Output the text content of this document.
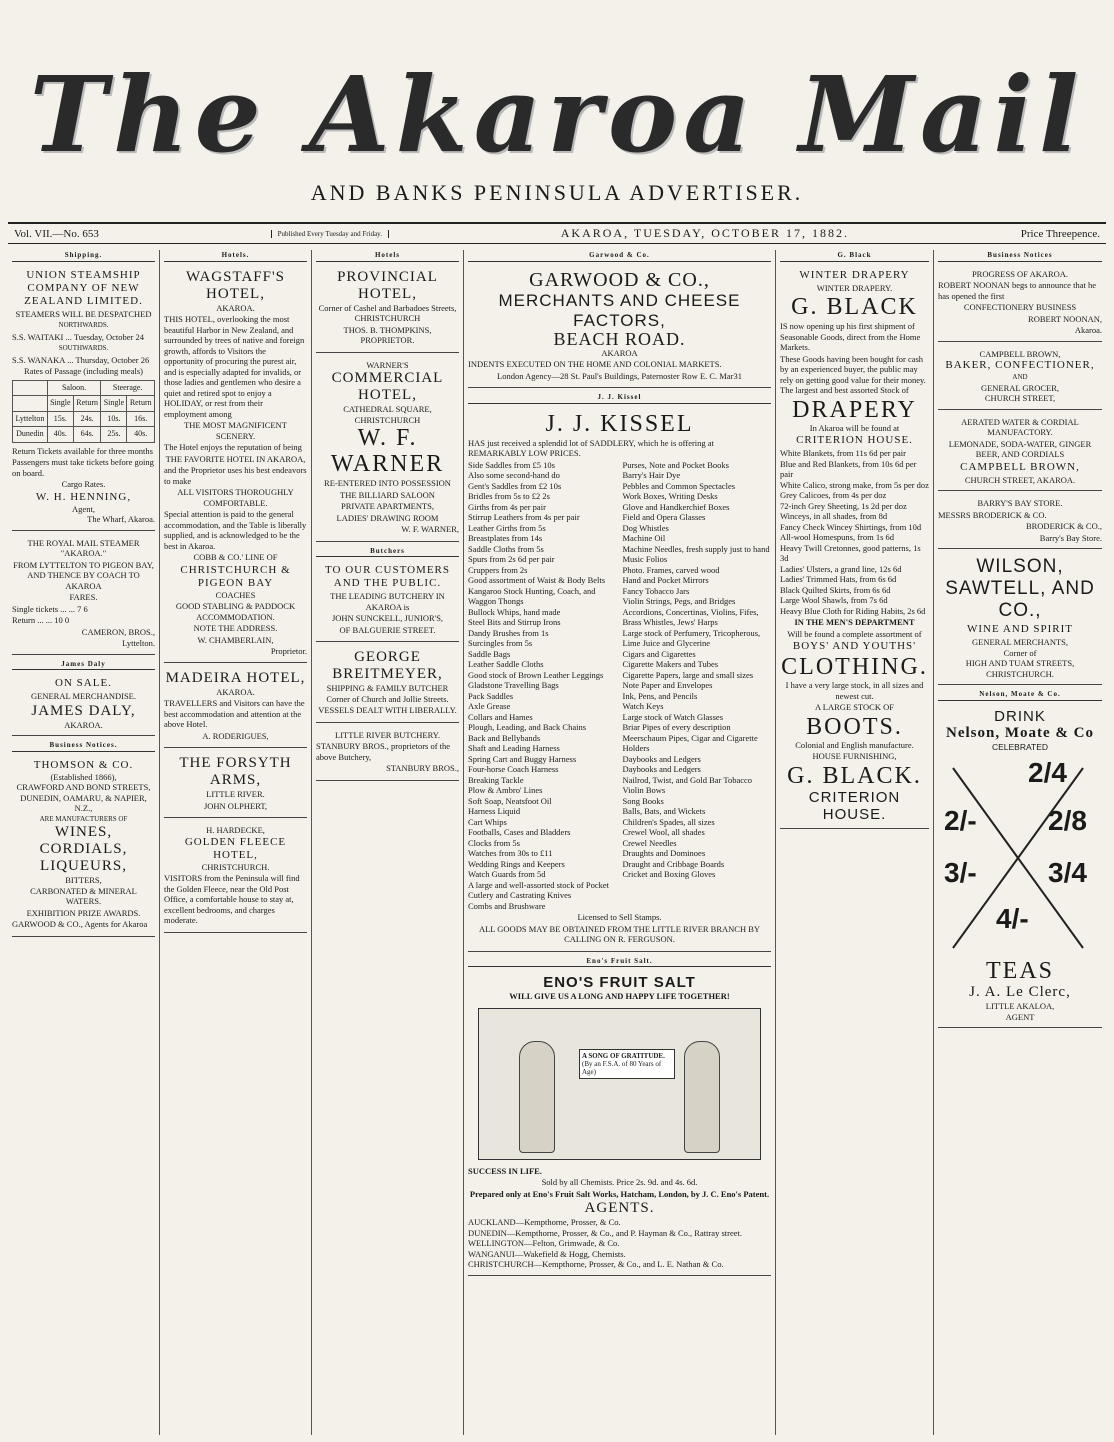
The Akaroa Mail
AND BANKS PENINSULA ADVERTISER.
Vol. VII.—No. 653	Published Every Tuesday and Friday.	AKAROA, TUESDAY, OCTOBER 17, 1882.	Price Threepence.
Shipping.
UNION STEAMSHIP COMPANY OF NEW ZEALAND LIMITED.
STEAMERS WILL BE DESPATCHED
NORTHWARDS.
S.S. WAITAKI ... Tuesday, October 24
SOUTHWARDS.
S.S. WANAKA ... Thursday, October 26
Rates of Passage (including meals)
	Saloon.		Steerage.	
	Single	Return	Single	Return
Lyttelton	15s.	24s.	10s.	16s.
Dunedin	40s.	64s.	25s.	40s.
Return Tickets available for three months
Passengers must take tickets before going on board.
Cargo Rates.
W. H. HENNING,
Agent,
The Wharf, Akaroa.
THE ROYAL MAIL STEAMER "AKAROA."
FROM LYTTELTON TO PIGEON BAY, AND THENCE BY COACH TO AKAROA
FARES.
Single tickets ... ... 7 6
Return ... ... 10 0
CAMERON, BROS.,
Lyttelton.
James Daly
ON SALE.
GENERAL MERCHANDISE.
JAMES DALY,
AKAROA.
Business Notices.
THOMSON & CO.
(Established 1866),
CRAWFORD AND BOND STREETS, DUNEDIN, OAMARU, & NAPIER, N.Z.,
ARE MANUFACTURERS OF
WINES, CORDIALS, LIQUEURS,
BITTERS,
CARBONATED & MINERAL WATERS.
EXHIBITION PRIZE AWARDS.
GARWOOD & CO., Agents for Akaroa
Hotels.
WAGSTAFF'S HOTEL,
AKAROA.
THIS HOTEL, overlooking the most beautiful Harbor in New Zealand, and surrounded by trees of native and foreign growth, affords to Visitors the opportunity of procuring the purest air, and is especially adapted for invalids, or those ladies and gentlemen who desire a quiet and retired spot to enjoy a HOLIDAY, or rest from their employment among
THE MOST MAGNIFICENT SCENERY.
The Hotel enjoys the reputation of being
THE FAVORITE HOTEL IN AKAROA,
and the Proprietor uses his best endeavors to make
ALL VISITORS THOROUGHLY COMFORTABLE.
Special attention is paid to the general accommodation, and the Table is liberally supplied, and is acknowledged to be the best in Akaroa.
COBB & CO.' LINE OF
CHRISTCHURCH & PIGEON BAY
COACHES
GOOD STABLING & PADDOCK ACCOMMODATION.
NOTE THE ADDRESS.
W. CHAMBERLAIN,
Proprietor.
MADEIRA HOTEL,
AKAROA.
TRAVELLERS and Visitors can have the best accommodation and attention at the above Hotel.
A. RODERIGUES,
THE FORSYTH ARMS,
LITTLE RIVER.
JOHN OLPHERT,
H. HARDECKE,
GOLDEN FLEECE HOTEL,
CHRISTCHURCH.
VISITORS from the Peninsula will find the Golden Fleece, near the Old Post Office, a comfortable house to stay at, excellent bedrooms, and charges moderate.
Hotels
PROVINCIAL HOTEL,
Corner of Cashel and Barbadoes Streets,
CHRISTCHURCH
THOS. B. THOMPKINS, PROPRIETOR.
WARNER'S
COMMERCIAL HOTEL,
CATHEDRAL SQUARE,
CHRISTCHURCH
W. F. WARNER
RE-ENTERED INTO POSSESSION
THE BILLIARD SALOON
PRIVATE APARTMENTS,
LADIES' DRAWING ROOM
W. F. WARNER,
Butchers
TO OUR CUSTOMERS AND THE PUBLIC.
THE LEADING BUTCHERY IN AKAROA is
JOHN SUNCKELL, JUNIOR'S,
OF BALGUERIE STREET.
GEORGE BREITMEYER,
SHIPPING & FAMILY BUTCHER
Corner of Church and Jollie Streets.
VESSELS DEALT WITH LIBERALLY.
LITTLE RIVER BUTCHERY.
STANBURY BROS., proprietors of the above Butchery,
STANBURY BROS.,
Garwood & Co.
GARWOOD & CO.,
MERCHANTS AND CHEESE FACTORS,
BEACH ROAD.
AKAROA
INDENTS EXECUTED ON THE HOME AND COLONIAL MARKETS.
London Agency—28 St. Paul's Buildings, Paternoster Row E. C. Mar31
J. J. Kissel
J. J. KISSEL
HAS just received a splendid lot of SADDLERY, which he is offering at REMARKABLY LOW PRICES.
Side Saddles from £5 10s
Also some second-hand do
Gent's Saddles from £2 10s
Bridles from 5s to £2 2s
Girths from 4s per pair
Stirrup Leathers from 4s per pair
Leather Girths from 5s
Breastplates from 14s
Saddle Cloths from 5s
Spurs from 2s 6d per pair
Cruppers from 2s
Good assortment of Waist & Body Belts
Kangaroo Stock Hunting, Coach, and Waggon Thongs
Bullock Whips, hand made
Steel Bits and Stirrup Irons
Dandy Brushes from 1s
Surcingles from 5s
Saddle Bags
Leather Saddle Cloths
Good stock of Brown Leather Leggings
Gladstone Travelling Bags
Pack Saddles
Axle Grease
Collars and Hames
Plough, Leading, and Back Chains
Back and Bellybands
Shaft and Leading Harness
Spring Cart and Buggy Harness
Four-horse Coach Harness
Breaking Tackle
Plow & Ambro' Lines
Soft Soap, Neatsfoot Oil
Harness Liquid
Cart Whips
Footballs, Cases and Bladders
Clocks from 5s
Watches from 30s to £11
Wedding Rings and Keepers
Watch Guards from 5d
A large and well-assorted stock of Pocket Cutlery and Castrating Knives
Combs and Brushware
Purses, Note and Pocket Books
Barry's Hair Dye
Pebbles and Common Spectacles
Work Boxes, Writing Desks
Glove and Handkerchief Boxes
Field and Opera Glasses
Dog Whistles
Machine Oil
Machine Needles, fresh supply just to hand
Music Folios
Photo. Frames, carved wood
Hand and Pocket Mirrors
Fancy Tobacco Jars
Violin Strings, Pegs, and Bridges
Accordions, Concertinas, Violins, Fifes, Brass Whistles, Jews' Harps
Large stock of Perfumery, Tricopherous, Lime Juice and Glycerine
Cigars and Cigarettes
Cigarette Makers and Tubes
Cigarette Papers, large and small sizes
Note Paper and Envelopes
Ink, Pens, and Pencils
Watch Keys
Large stock of Watch Glasses
Briar Pipes of every description
Meerschaum Pipes, Cigar and Cigarette Holders
Daybooks and Ledgers
Daybooks and Ledgers
Nailrod, Twist, and Gold Bar Tobacco
Violin Bows
Song Books
Balls, Bats, and Wickets
Children's Spades, all sizes
Crewel Wool, all shades
Crewel Needles
Draughts and Dominoes
Draught and Cribbage Boards
Cricket and Boxing Gloves
Licensed to Sell Stamps.
ALL GOODS MAY BE OBTAINED FROM THE LITTLE RIVER BRANCH BY CALLING ON R. FERGUSON.
Eno's Fruit Salt.
ENO'S FRUIT SALT
WILL GIVE US A LONG AND HAPPY LIFE TOGETHER!
A SONG OF GRATITUDE.
(By an F.S.A. of 80 Years of Age)
SUCCESS IN LIFE.
Sold by all Chemists. Price 2s. 9d. and 4s. 6d.
Prepared only at Eno's Fruit Salt Works, Hatcham, London, by J. C. Eno's Patent.
AGENTS.
AUCKLAND—Kempthorne, Prosser, & Co.
DUNEDIN—Kempthorne, Prosser, & Co., and P. Hayman & Co., Rattray street.
WELLINGTON—Felton, Grimwade, & Co.
WANGANUI—Wakefield & Hogg, Chemists.
CHRISTCHURCH—Kempthorne, Prosser, & Co., and L. E. Nathan & Co.
G. Black
WINTER DRAPERY
WINTER DRAPERY.
G. BLACK
IS now opening up his first shipment of Seasonable Goods, direct from the Home Markets.
These Goods having been bought for cash by an experienced buyer, the public may rely on getting good value for their money. The largest and best assorted Stock of
DRAPERY
In Akaroa will be found at
CRITERION HOUSE.
White Blankets, from 11s 6d per pair
Blue and Red Blankets, from 10s 6d per pair
White Calico, strong make, from 5s per doz
Grey Calicoes, from 4s per doz
72-inch Grey Sheeting, 1s 2d per doz
Winceys, in all shades, from 8d
Fancy Check Wincey Shirtings, from 10d
All-wool Homespuns, from 1s 6d
Heavy Twill Cretonnes, good patterns, 1s 3d
Ladies' Ulsters, a grand line, 12s 6d
Ladies' Trimmed Hats, from 6s 6d
Black Quilted Skirts, from 6s 6d
Large Wool Shawls, from 7s 6d
Heavy Blue Cloth for Riding Habits, 2s 6d
IN THE MEN'S DEPARTMENT
Will be found a complete assortment of
BOYS' AND YOUTHS'
CLOTHING.
I have a very large stock, in all sizes and newest cut.
A LARGE STOCK OF
BOOTS.
Colonial and English manufacture.
HOUSE FURNISHING,
G. BLACK.
CRITERION HOUSE.
Business Notices
PROGRESS OF AKAROA.
ROBERT NOONAN begs to announce that he has opened the first
CONFECTIONERY BUSINESS
ROBERT NOONAN,
Akaroa.
CAMPBELL BROWN,
BAKER, CONFECTIONER,
AND
GENERAL GROCER,
CHURCH STREET,
AERATED WATER & CORDIAL MANUFACTORY.
LEMONADE, SODA-WATER, GINGER BEER, AND CORDIALS
CAMPBELL BROWN,
CHURCH STREET, AKAROA.
BARRY'S BAY STORE.
MESSRS BRODERICK & CO.
BRODERICK & CO.,
Barry's Bay Store.
WILSON, SAWTELL, AND CO.,
WINE AND SPIRIT
GENERAL MERCHANTS,
Corner of
HIGH AND TUAM STREETS,
CHRISTCHURCH.
Nelson, Moate & Co.
DRINK
Nelson, Moate & Co
CELEBRATED
2/4
2/-	2/8
3/-	3/4
4/-
TEAS
J. A. Le Clerc,
LITTLE AKALOA,
AGENT
